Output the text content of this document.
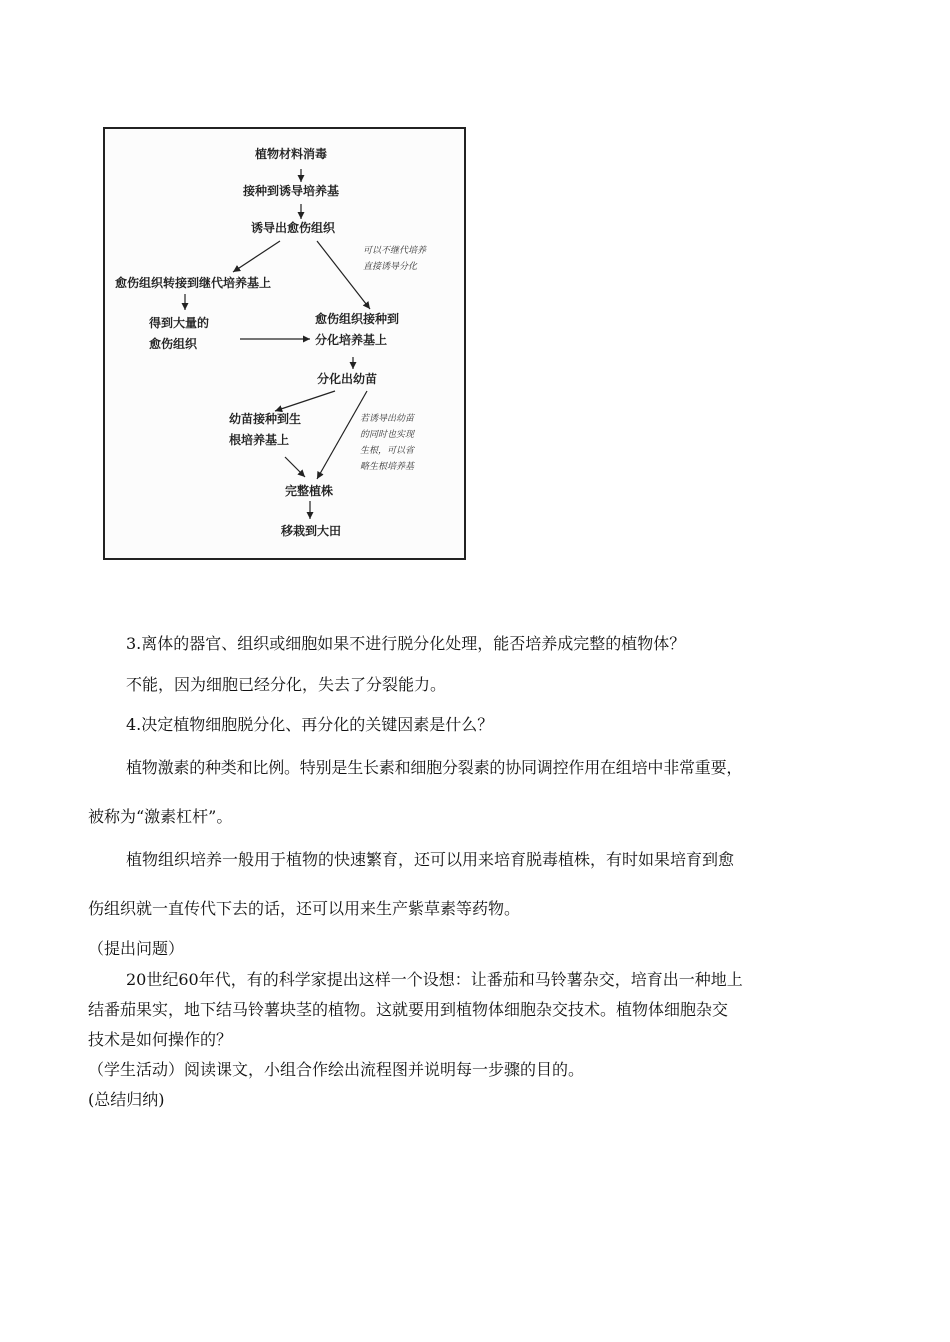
植物材料消毒
接种到诱导培养基
诱导出愈伤组织
可以不继代培养
直接诱导分化
愈伤组织转接到继代培养基上
得到大量的
愈伤组织
愈伤组织接种到
分化培养基上
分化出幼苗
幼苗接种到生
根培养基上
若诱导出幼苗
的同时也实现
生根，可以省
略生根培养基
完整植株
移栽到大田
3.离体的器官、组织或细胞如果不进行脱分化处理，能否培养成完整的植物体？
不能，因为细胞已经分化，失去了分裂能力。
4.决定植物细胞脱分化、再分化的关键因素是什么？
植物激素的种类和比例。特别是生长素和细胞分裂素的协同调控作用在组培中非常重要，
被称为“激素杠杆”。
植物组织培养一般用于植物的快速繁育，还可以用来培育脱毒植株，有时如果培育到愈
伤组织就一直传代下去的话，还可以用来生产紫草素等药物。
（提出问题）
20世纪60年代，有的科学家提出这样一个设想：让番茄和马铃薯杂交，培育出一种地上
结番茄果实，地下结马铃薯块茎的植物。这就要用到植物体细胞杂交技术。植物体细胞杂交
技术是如何操作的？
（学生活动）阅读课文，小组合作绘出流程图并说明每一步骤的目的。
(总结归纳)
